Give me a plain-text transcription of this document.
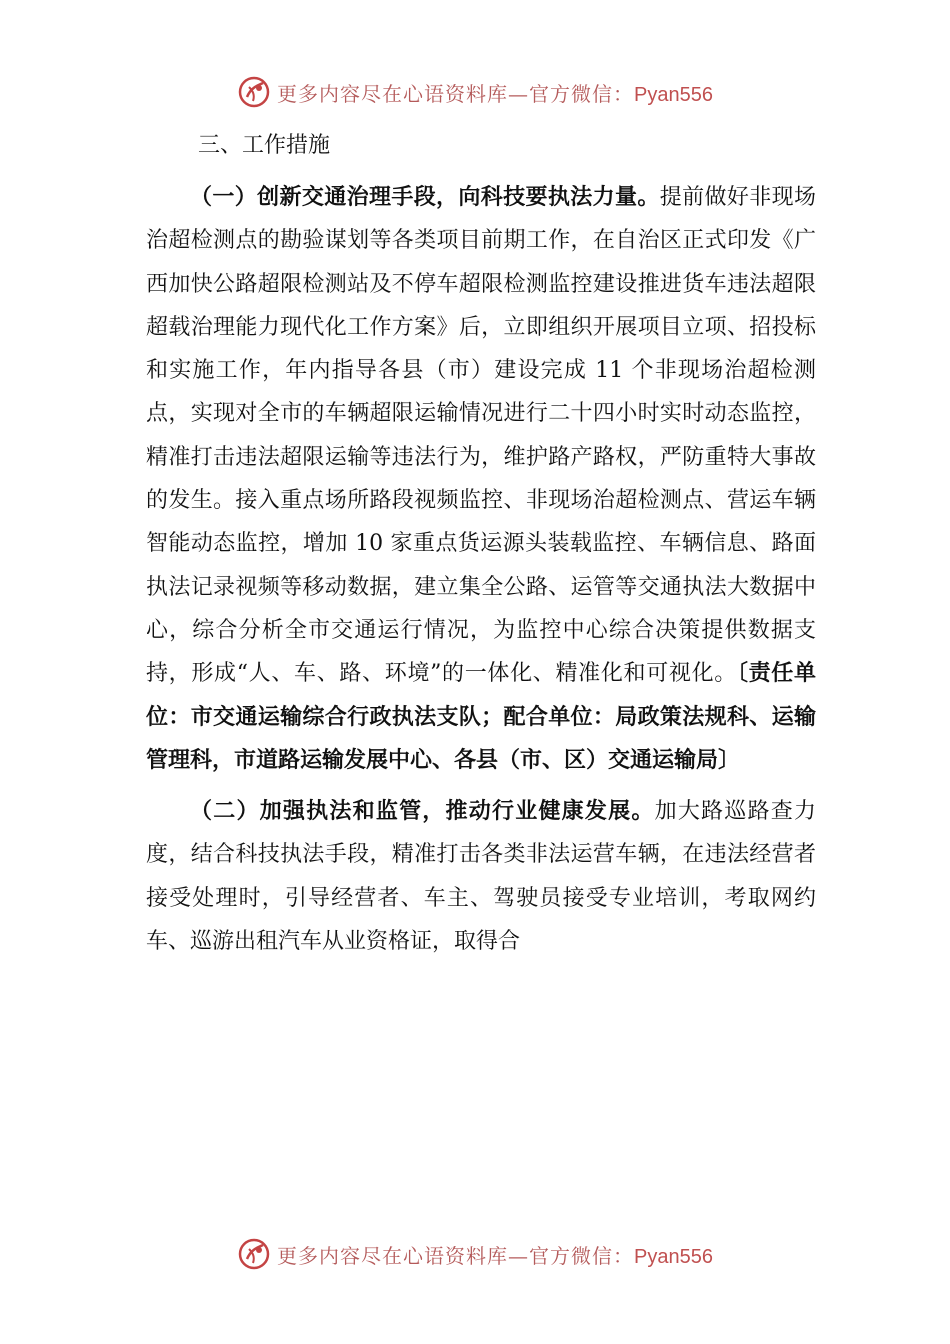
更多内容尽在心语资料库—官方微信：Pyan556

三、工作措施

（一）创新交通治理手段，向科技要执法力量。提前做好非现场治超检测点的勘验谋划等各类项目前期工作，在自治区正式印发《广西加快公路超限检测站及不停车超限检测监控建设推进货车违法超限超载治理能力现代化工作方案》后，立即组织开展项目立项、招投标和实施工作，年内指导各县（市）建设完成 11 个非现场治超检测点，实现对全市的车辆超限运输情况进行二十四小时实时动态监控，精准打击违法超限运输等违法行为，维护路产路权，严防重特大事故的发生。接入重点场所路段视频监控、非现场治超检测点、营运车辆智能动态监控，增加 10 家重点货运源头装载监控、车辆信息、路面执法记录视频等移动数据，建立集全公路、运管等交通执法大数据中心，综合分析全市交通运行情况，为监控中心综合决策提供数据支持，形成“人、车、路、环境”的一体化、精准化和可视化。〔责任单位：市交通运输综合行政执法支队；配合单位：局政策法规科、运输管理科，市道路运输发展中心、各县（市、区）交通运输局〕

（二）加强执法和监管，推动行业健康发展。加大路巡路查力度，结合科技执法手段，精准打击各类非法运营车辆，在违法经营者接受处理时，引导经营者、车主、驾驶员接受专业培训，考取网约车、巡游出租汽车从业资格证，取得合

更多内容尽在心语资料库—官方微信：Pyan556
